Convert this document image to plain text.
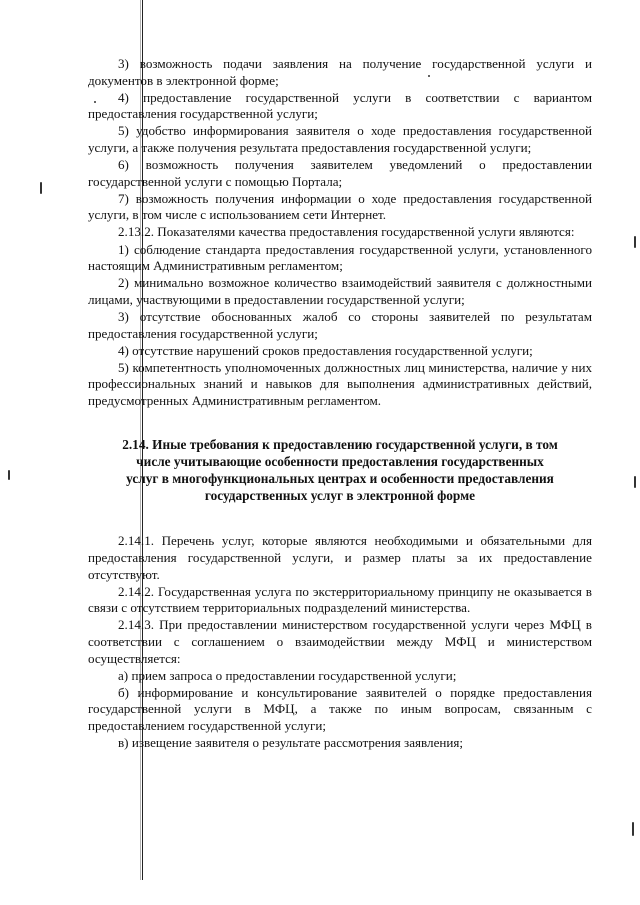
3) возможность подачи заявления на получение государственной услуги и документов в электронной форме;

4) предоставление государственной услуги в соответствии с вариантом предоставления государственной услуги;

5) удобство информирования заявителя о ходе предоставления государственной услуги, а также получения результата предоставления государственной услуги;

6) возможность получения заявителем уведомлений о предоставлении государственной услуги с помощью Портала;

7) возможность получения информации о ходе предоставления государственной услуги, в том числе с использованием сети Интернет.

2.13.2. Показателями качества предоставления государственной услуги являются:

1) соблюдение стандарта предоставления государственной услуги, установленного настоящим Административным регламентом;

2) минимально возможное количество взаимодействий заявителя с должностными лицами, участвующими в предоставлении государственной услуги;

3) отсутствие обоснованных жалоб со стороны заявителей по результатам предоставления государственной услуги;

4) отсутствие нарушений сроков предоставления государственной услуги;

5) компетентность уполномоченных должностных лиц министерства, наличие у них профессиональных знаний и навыков для выполнения административных действий, предусмотренных Административным регламентом.

2.14. Иные требования к предоставлению государственной услуги, в том
числе учитывающие особенности предоставления государственных
услуг в многофункциональных центрах и особенности предоставления
государственных услуг в электронной форме

2.14.1. Перечень услуг, которые являются необходимыми и обязательными для предоставления государственной услуги, и размер платы за их предоставление отсутствуют.

2.14.2. Государственная услуга по экстерриториальному принципу не оказывается в связи с отсутствием территориальных подразделений министерства.

2.14.3. При предоставлении министерством государственной услуги через МФЦ в соответствии с соглашением о взаимодействии между МФЦ и министерством осуществляется:

а) прием запроса о предоставлении государственной услуги;

б) информирование и консультирование заявителей о порядке предоставления государственной услуги в МФЦ, а также по иным вопросам, связанным с предоставлением государственной услуги;

в) извещение заявителя о результате рассмотрения заявления;
